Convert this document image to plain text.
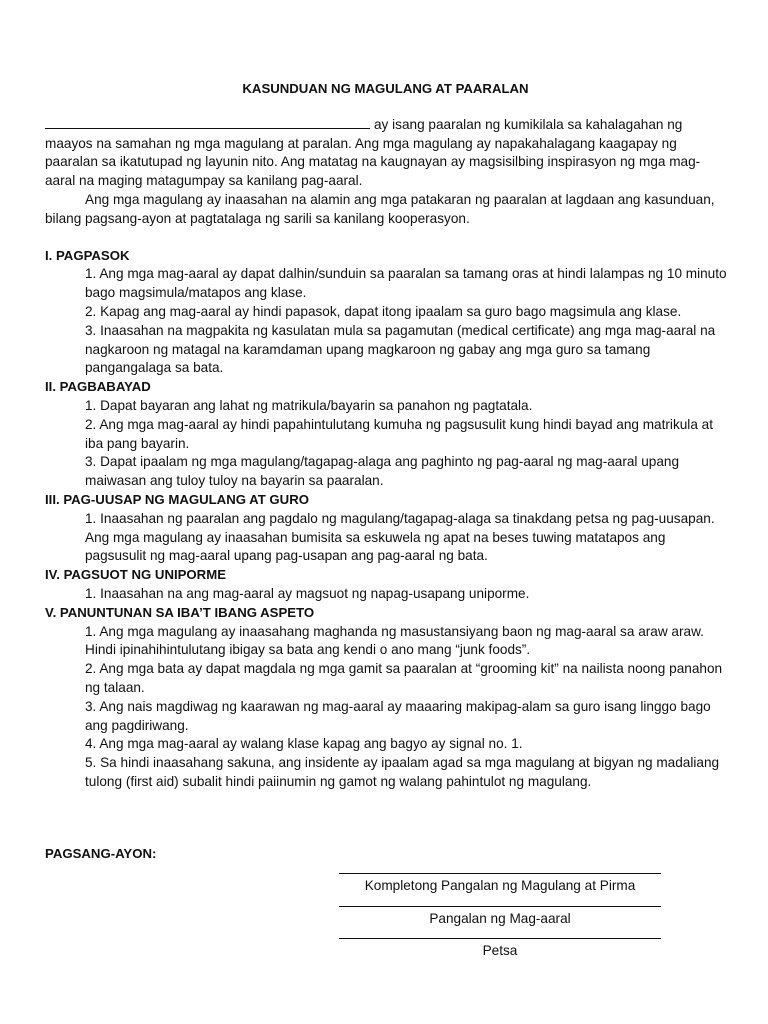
KASUNDUAN NG MAGULANG AT PAARALAN

ay isang paaralan ng kumikilala sa kahalagahan ng maayos na samahan ng mga magulang at paralan. Ang mga magulang ay napakahalagang kaagapay ng paaralan sa ikatutupad ng layunin nito. Ang matatag na kaugnayan ay magsisilbing inspirasyon ng mga mag-aaral na maging matagumpay sa kanilang pag-aaral.

Ang mga magulang ay inaasahan na alamin ang mga patakaran ng paaralan at lagdaan ang kasunduan, bilang pagsang-ayon at pagtatalaga ng sarili sa kanilang kooperasyon.

I. PAGPASOK

1. Ang mga mag-aaral ay dapat dalhin/sunduin sa paaralan sa tamang oras at hindi lalampas ng 10 minuto bago magsimula/matapos ang klase.

2. Kapag ang mag-aaral ay hindi papasok, dapat itong ipaalam sa guro bago magsimula ang klase.

3. Inaasahan na magpakita ng kasulatan mula sa pagamutan (medical certificate) ang mga mag-aaral na nagkaroon ng matagal na karamdaman upang magkaroon ng gabay ang mga guro sa tamang pangangalaga sa bata.

II. PAGBABAYAD

1. Dapat bayaran ang lahat ng matrikula/bayarin sa panahon ng pagtatala.

2. Ang mga mag-aaral ay hindi papahintulutang kumuha ng pagsusulit kung hindi bayad ang matrikula at iba pang bayarin.

3. Dapat ipaalam ng mga magulang/tagapag-alaga ang paghinto ng pag-aaral ng mag-aaral upang maiwasan ang tuloy tuloy na bayarin sa paaralan.

III. PAG-UUSAP NG MAGULANG AT GURO

1. Inaasahan ng paaralan ang pagdalo ng magulang/tagapag-alaga sa tinakdang petsa ng pag-uusapan. Ang mga magulang ay inaasahan bumisita sa eskuwela ng apat na beses tuwing matatapos ang pagsusulit ng mag-aaral upang pag-usapan ang pag-aaral ng bata.

IV. PAGSUOT NG UNIPORME

1. Inaasahan na ang mag-aaral ay magsuot ng napag-usapang uniporme.

V. PANUNTUNAN SA IBA’T IBANG ASPETO

1. Ang mga magulang ay inaasahang maghanda ng masustansiyang baon ng mag-aaral sa araw araw. Hindi ipinahihintulutang ibigay sa bata ang kendi o ano mang “junk foods”.

2. Ang mga bata ay dapat magdala ng mga gamit sa paaralan at “grooming kit” na nailista noong panahon ng talaan.

3. Ang nais magdiwag ng kaarawan ng mag-aaral ay maaaring makipag-alam sa guro isang linggo bago ang pagdiriwang.

4. Ang mga mag-aaral ay walang klase kapag ang bagyo ay signal no. 1.

5. Sa hindi inaasahang sakuna, ang insidente ay ipaalam agad sa mga magulang at bigyan ng madaliang tulong (first aid) subalit hindi paiinumin ng gamot ng walang pahintulot ng magulang.

PAGSANG-AYON:

Kompletong Pangalan ng Magulang at Pirma
Pangalan ng Mag-aaral
Petsa
